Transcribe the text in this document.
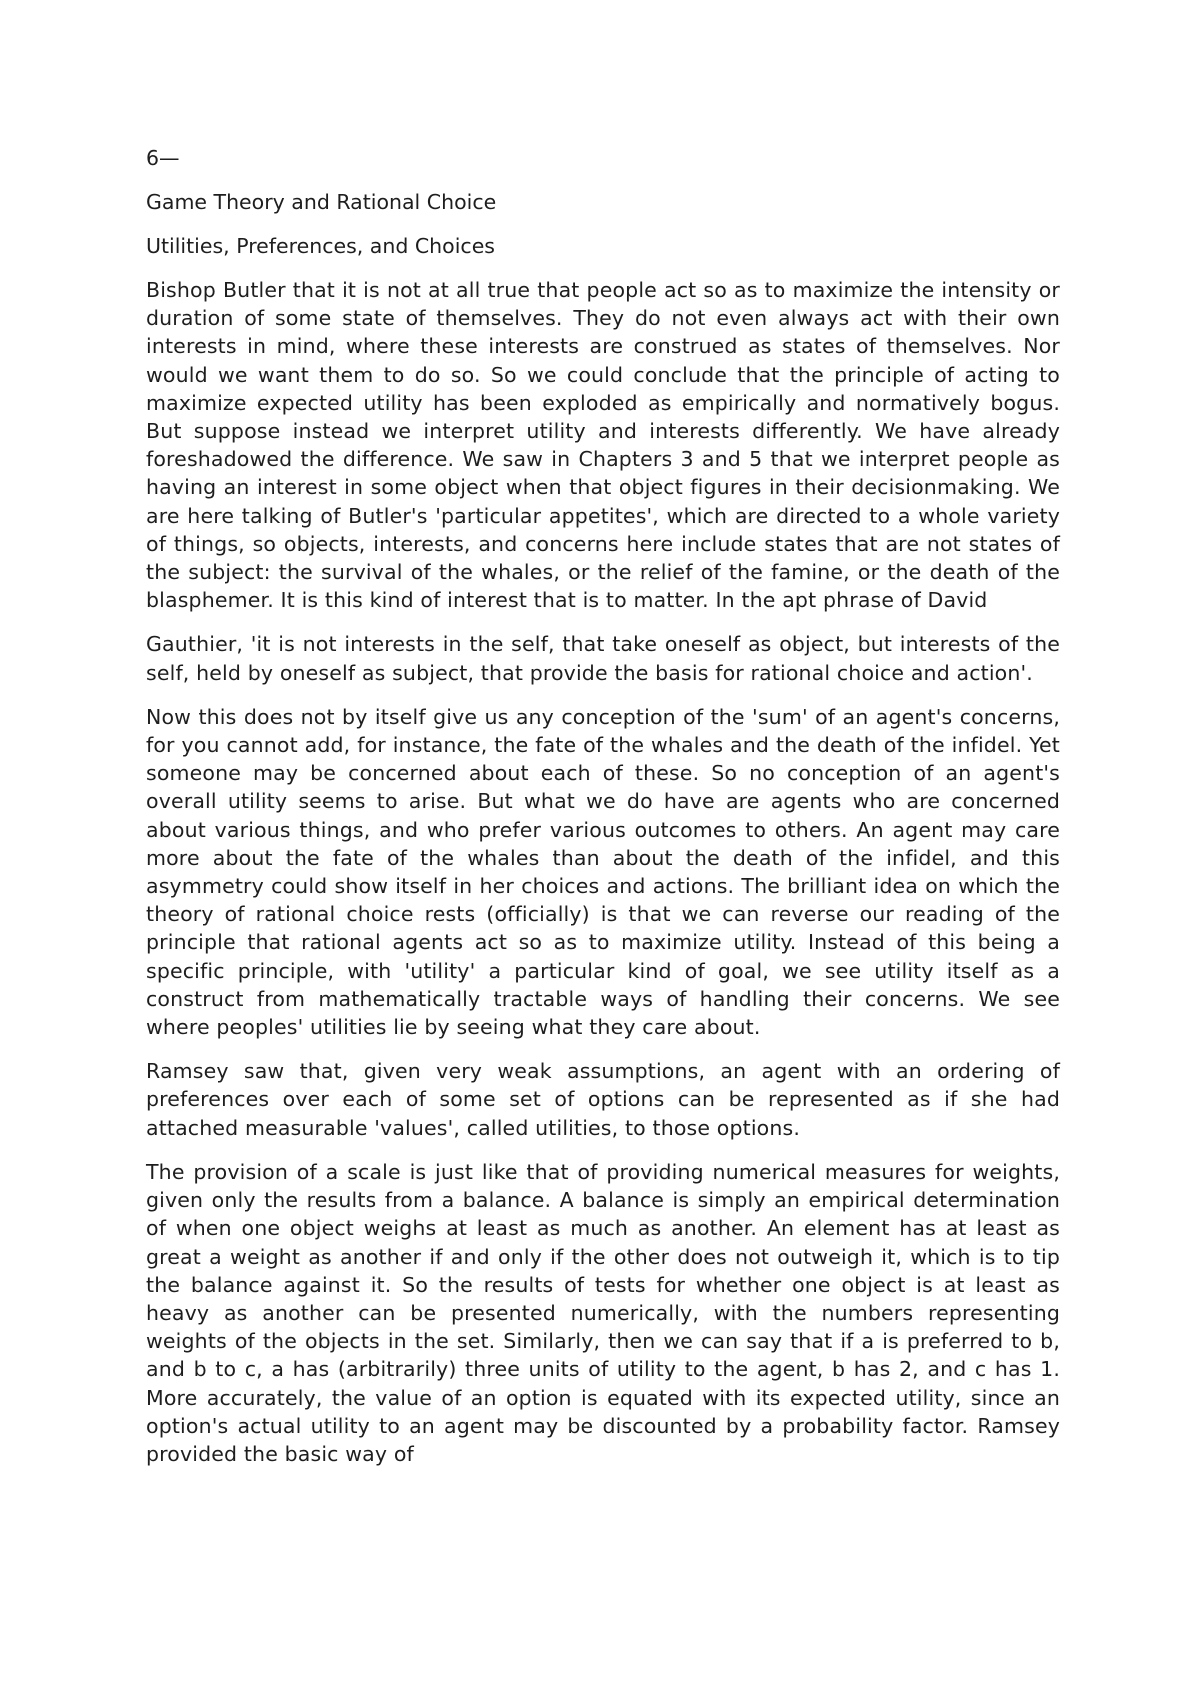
6—
Game Theory and Rational Choice
Utilities, Preferences, and Choices

Bishop Butler that it is not at all true that people act so as to maximize the intensity or duration of some state of themselves. They do not even always act with their own interests in mind, where these interests are construed as states of themselves. Nor would we want them to do so. So we could conclude that the principle of acting to maximize expected utility has been exploded as empirically and normatively bogus. But suppose instead we interpret utility and interests differently. We have already foreshadowed the difference. We saw in Chapters 3 and 5 that we interpret people as having an interest in some object when that object figures in their decisionmaking. We are here talking of Butler's 'particular appetites', which are directed to a whole variety of things, so objects, interests, and concerns here include states that are not states of the subject: the survival of the whales, or the relief of the famine, or the death of the blasphemer. It is this kind of interest that is to matter. In the apt phrase of David

Gauthier, 'it is not interests in the self, that take oneself as object, but interests of the self, held by oneself as subject, that provide the basis for rational choice and action'.

Now this does not by itself give us any conception of the 'sum' of an agent's concerns, for you cannot add, for instance, the fate of the whales and the death of the infidel. Yet someone may be concerned about each of these. So no conception of an agent's overall utility seems to arise. But what we do have are agents who are concerned about various things, and who prefer various outcomes to others. An agent may care more about the fate of the whales than about the death of the infidel, and this asymmetry could show itself in her choices and actions. The brilliant idea on which the theory of rational choice rests (officially) is that we can reverse our reading of the principle that rational agents act so as to maximize utility. Instead of this being a specific principle, with 'utility' a particular kind of goal, we see utility itself as a construct from mathematically tractable ways of handling their concerns. We see where peoples' utilities lie by seeing what they care about.

Ramsey saw that, given very weak assumptions, an agent with an ordering of preferences over each of some set of options can be represented as if she had attached measurable 'values', called utilities, to those options.

The provision of a scale is just like that of providing numerical measures for weights, given only the results from a balance. A balance is simply an empirical determination of when one object weighs at least as much as another. An element has at least as great a weight as another if and only if the other does not outweigh it, which is to tip the balance against it. So the results of tests for whether one object is at least as heavy as another can be presented numerically, with the numbers representing weights of the objects in the set. Similarly, then we can say that if a is preferred to b, and b to c, a has (arbitrarily) three units of utility to the agent, b has 2, and c has 1. More accurately, the value of an option is equated with its expected utility, since an option's actual utility to an agent may be discounted by a probability factor. Ramsey provided the basic way of
